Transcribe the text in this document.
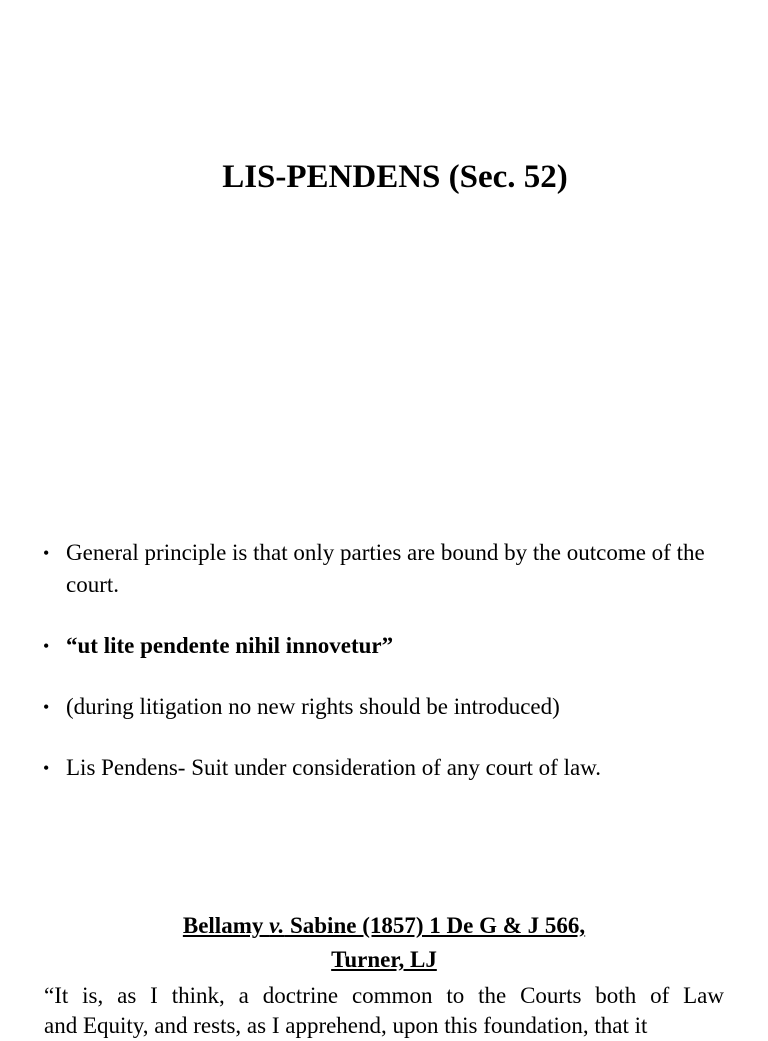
LIS-PENDENS (Sec. 52)
• General principle is that only parties are bound by the outcome of the court.
• “ut lite pendente nihil innovetur”
• (during litigation no new rights should be introduced)
• Lis Pendens- Suit under consideration of any court of law.
Bellamy v. Sabine (1857) 1 De G & J 566,
Turner, LJ

“It is, as I think, a doctrine common to the Courts both of Law

and Equity, and rests, as I apprehend, upon this foundation, that it
